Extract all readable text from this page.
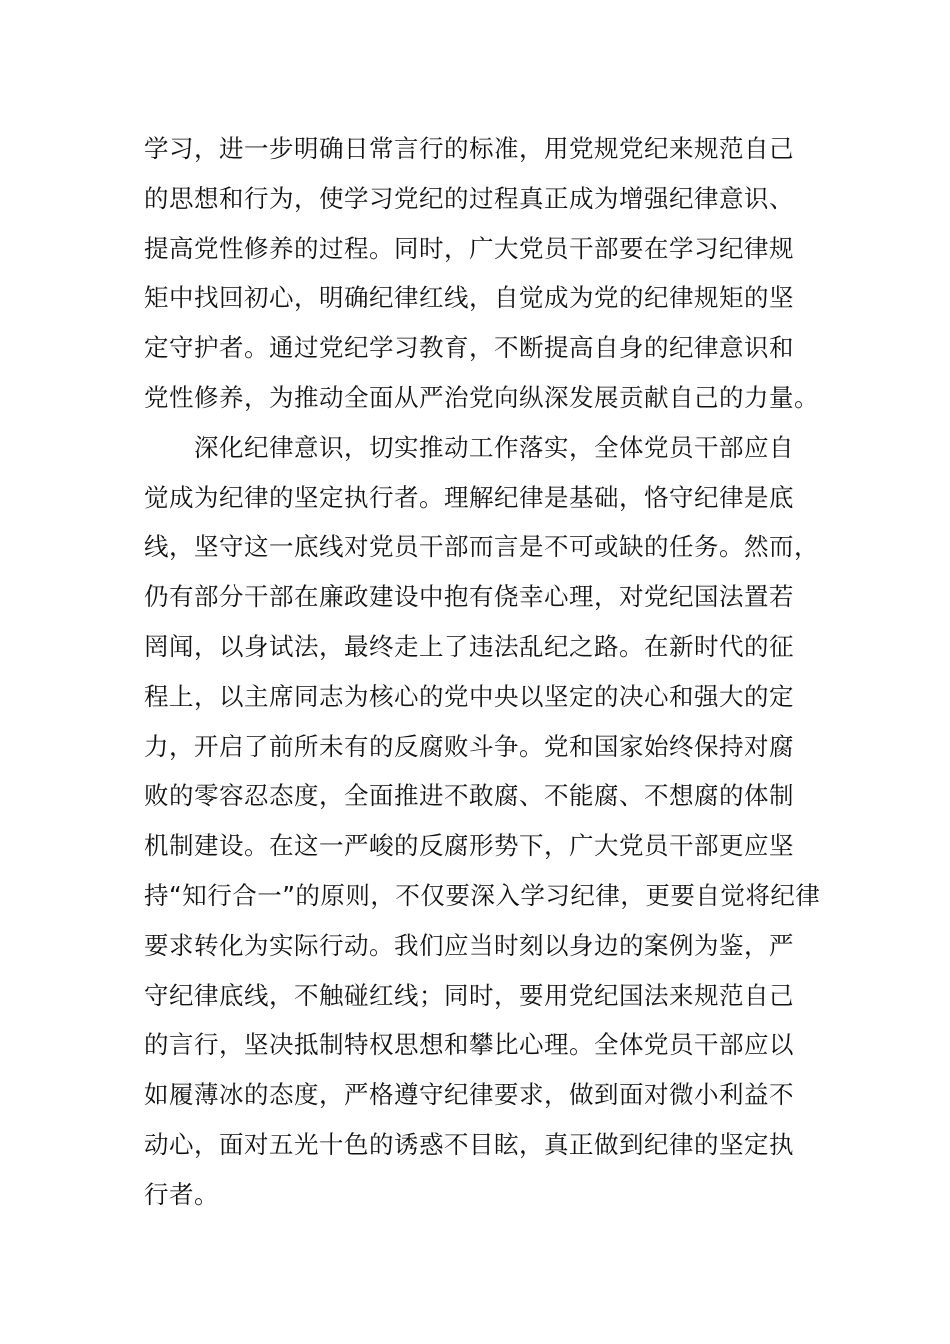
学习，进一步明确日常言行的标准，用党规党纪来规范自己
的思想和行为，使学习党纪的过程真正成为增强纪律意识、
提高党性修养的过程。同时，广大党员干部要在学习纪律规
矩中找回初心，明确纪律红线，自觉成为党的纪律规矩的坚
定守护者。通过党纪学习教育，不断提高自身的纪律意识和
党性修养，为推动全面从严治党向纵深发展贡献自己的力量。
　　深化纪律意识，切实推动工作落实，全体党员干部应自
觉成为纪律的坚定执行者。理解纪律是基础，恪守纪律是底
线，坚守这一底线对党员干部而言是不可或缺的任务。然而，
仍有部分干部在廉政建设中抱有侥幸心理，对党纪国法置若
罔闻，以身试法，最终走上了违法乱纪之路。在新时代的征
程上，以主席同志为核心的党中央以坚定的决心和强大的定
力，开启了前所未有的反腐败斗争。党和国家始终保持对腐
败的零容忍态度，全面推进不敢腐、不能腐、不想腐的体制
机制建设。在这一严峻的反腐形势下，广大党员干部更应坚
持“知行合一”的原则，不仅要深入学习纪律，更要自觉将纪律
要求转化为实际行动。我们应当时刻以身边的案例为鉴，严
守纪律底线，不触碰红线；同时，要用党纪国法来规范自己
的言行，坚决抵制特权思想和攀比心理。全体党员干部应以
如履薄冰的态度，严格遵守纪律要求，做到面对微小利益不
动心，面对五光十色的诱惑不目眩，真正做到纪律的坚定执
行者。
